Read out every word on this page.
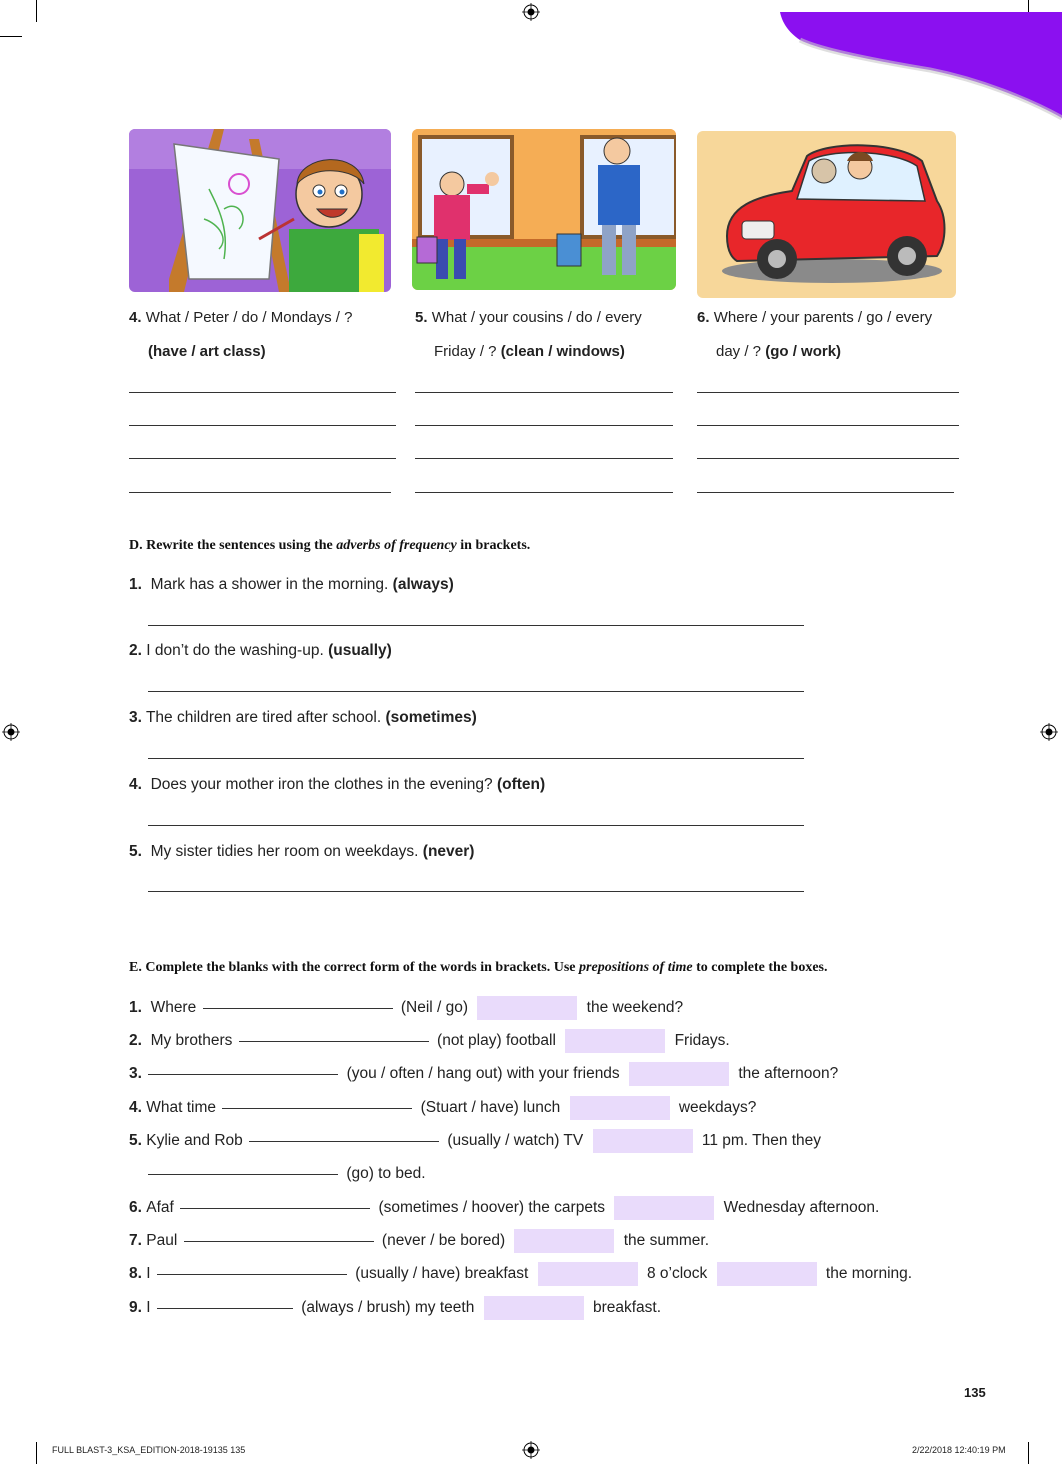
4. What / Peter / do / Mondays / ?
(have / art class)
5. What / your cousins / do / every
Friday / ? (clean / windows)
6. Where / your parents / go / every
day / ? (go / work)
D. Rewrite the sentences using the adverbs of frequency in brackets.
1. Mark has a shower in the morning. (always)
2. I don’t do the washing-up. (usually)
3. The children are tired after school. (sometimes)
4. Does your mother iron the clothes in the evening? (often)
5. My sister tidies her room on weekdays. (never)
E. Complete the blanks with the correct form of the words in brackets. Use prepositions of time to complete the boxes.
1. Where	(Neil / go)	the weekend?
2. My brothers	(not play) football	Fridays.
3.	(you / often / hang out) with your friends	the afternoon?
4. What time	(Stuart / have) lunch	weekdays?
5. Kylie and Rob	(usually / watch) TV	11 pm. Then they
(go) to bed.
6. Afaf	(sometimes / hoover) the carpets	Wednesday afternoon.
7. Paul	(never / be bored)	the summer.
8. I	(usually / have) breakfast	8 o’clock	the morning.
9. I	(always / brush) my teeth	breakfast.
135
FULL BLAST-3_KSA_EDITION-2018-19135 135	2/22/2018 12:40:19 PM
